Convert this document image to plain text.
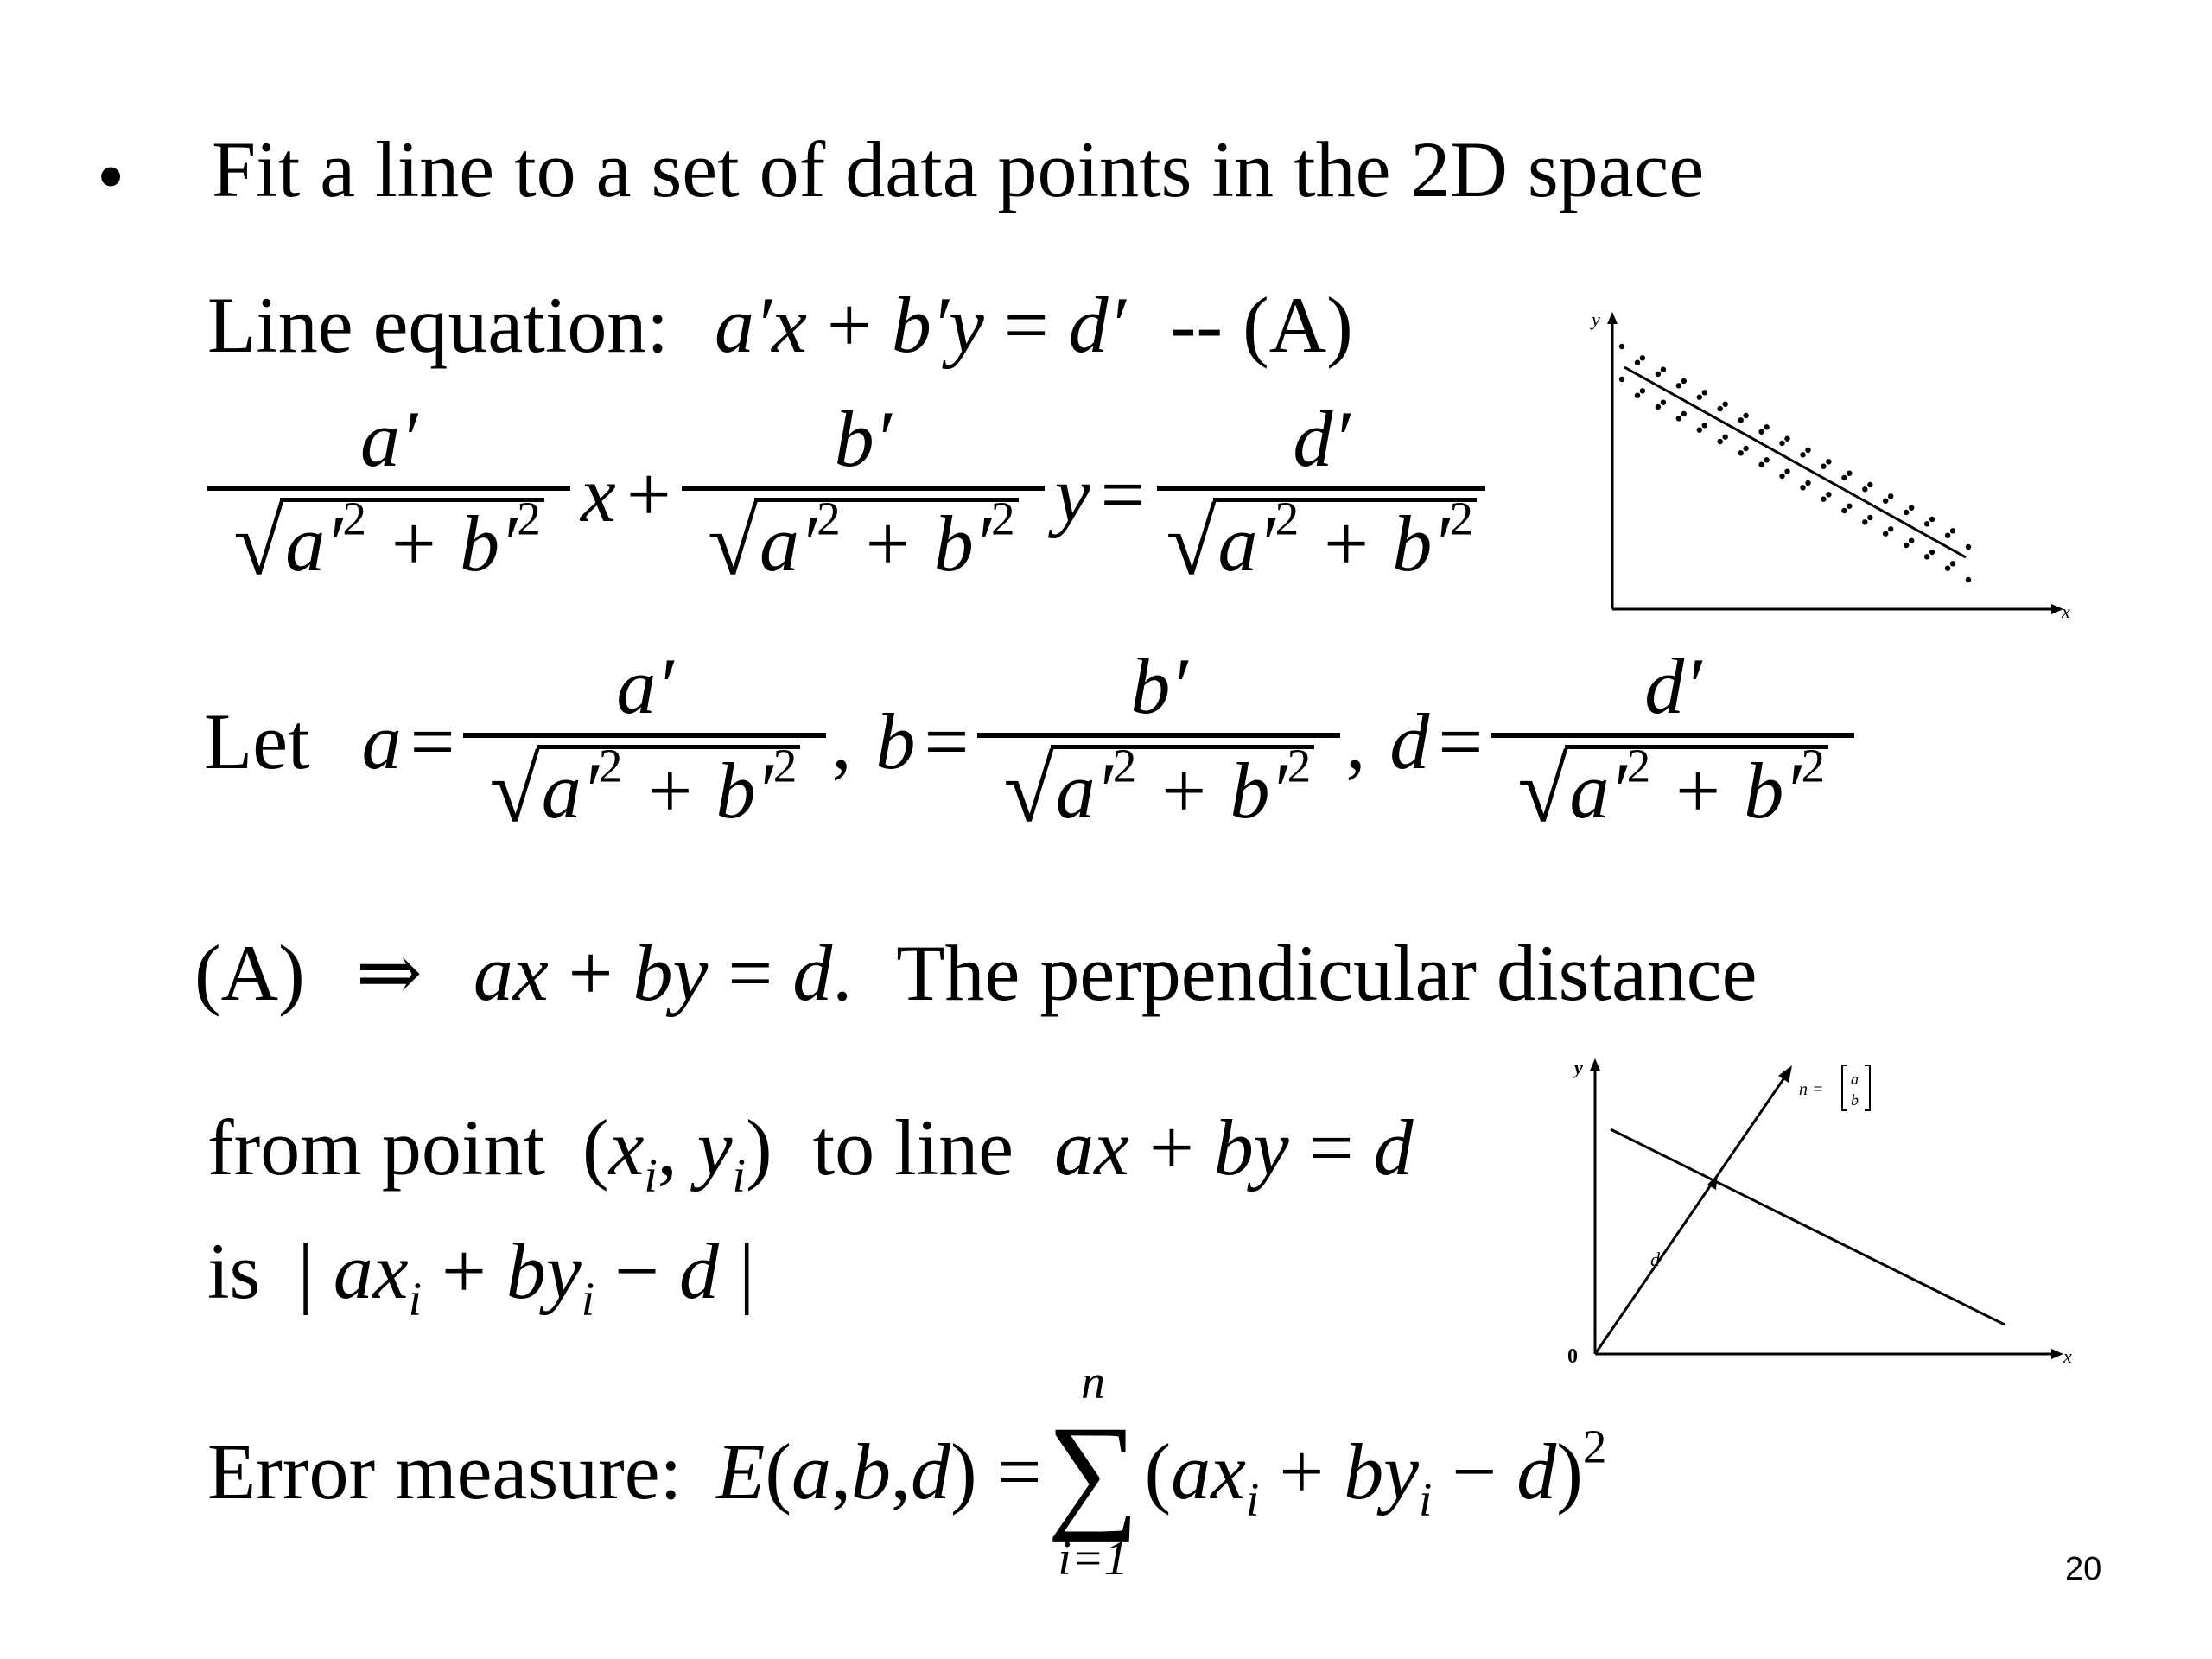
• Fit a line to a set of data points in the 2D space
Line equation: a′x + b′y = d′ -- (A)
$\frac{a'}{√ a'^2 + b'^2}$ $x + \frac{b'}{√ a'^2 + b'^2}$ $y = \frac{d'}{√ a'^2 + b'^2}$
Let $a = \frac{a'}{√ a'^2 + b'^2}$ , $b = \frac{b'}{√ a'^2 + b'^2}$ , $d = \frac{d'}{√ a'^2 + b'^2}$
(A) ⇒ ax + by = d. The perpendicular distance
from point ($x_i$, $y_i$) to line ax + by = d
is | $ax_i + by_i - d$ |
Error measure: E (a,b,d) =
n
∑
i=1
$(ax_i + by_i - d)^2$
y
x
y
x
0
d
n =
a
b
20
